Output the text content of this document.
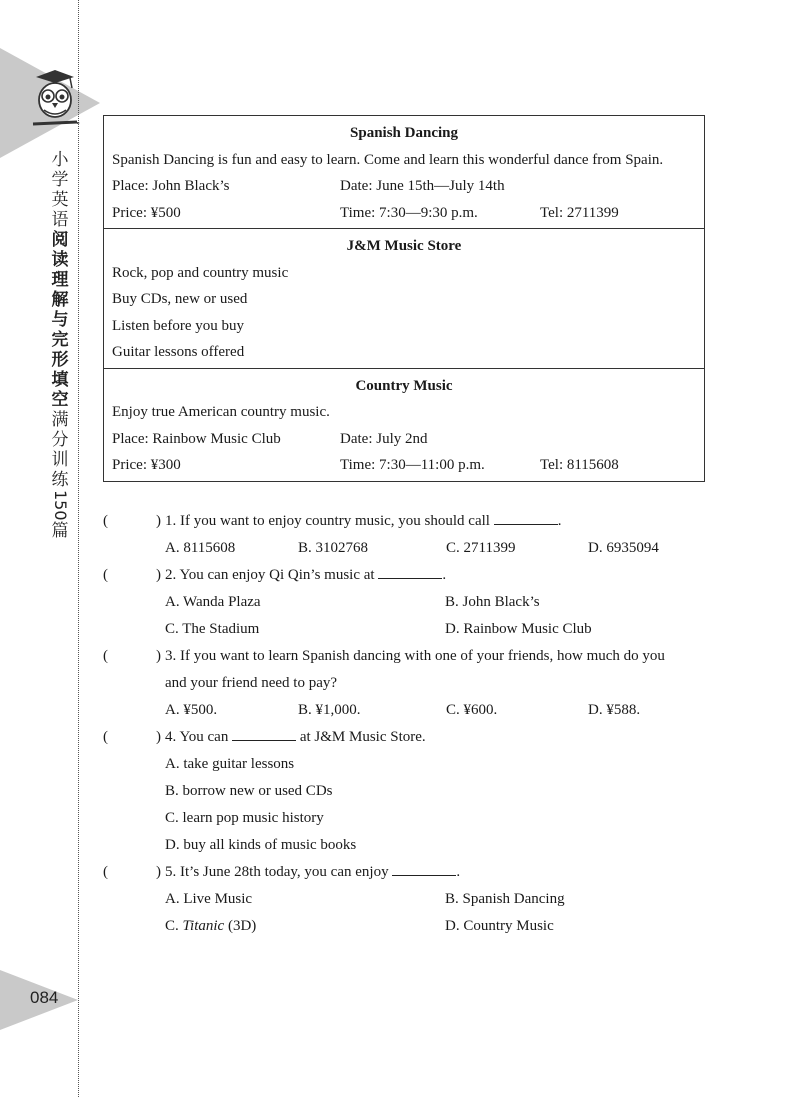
小
学
英
语
阅
读
理
解
与
完
形
填
空
满
分
训
练
150
篇
084
Spanish Dancing
Spanish Dancing is fun and easy to learn. Come and learn this wonderful dance from Spain.
Place: John Black’s	Date: June 15th—July 14th
Price: ¥500	Time: 7:30—9:30 p.m.	Tel: 2711399
J&M Music Store
Rock, pop and country music
Buy CDs, new or used
Listen before you buy
Guitar lessons offered
Country Music
Enjoy true American country music.
Place: Rainbow Music Club	Date: July 2nd
Price: ¥300	Time: 7:30—11:00 p.m.	Tel: 8115608
(	) 1. If you want to enjoy country music, you should call	.
A. 8115608	B. 3102768	C. 2711399	D. 6935094
(	) 2. You can enjoy Qi Qin’s music at	.
A. Wanda Plaza	B. John Black’s
C. The Stadium	D. Rainbow Music Club
(	) 3. If you want to learn Spanish dancing with one of your friends, how much do you
and your friend need to pay?
A. ¥500.	B. ¥1,000.	C. ¥600.	D. ¥588.
(	) 4. You can	at J&M Music Store.
A. take guitar lessons
B. borrow new or used CDs
C. learn pop music history
D. buy all kinds of music books
(	) 5. It’s June 28th today, you can enjoy	.
A. Live Music	B. Spanish Dancing
C. Titanic (3D)	D. Country Music
